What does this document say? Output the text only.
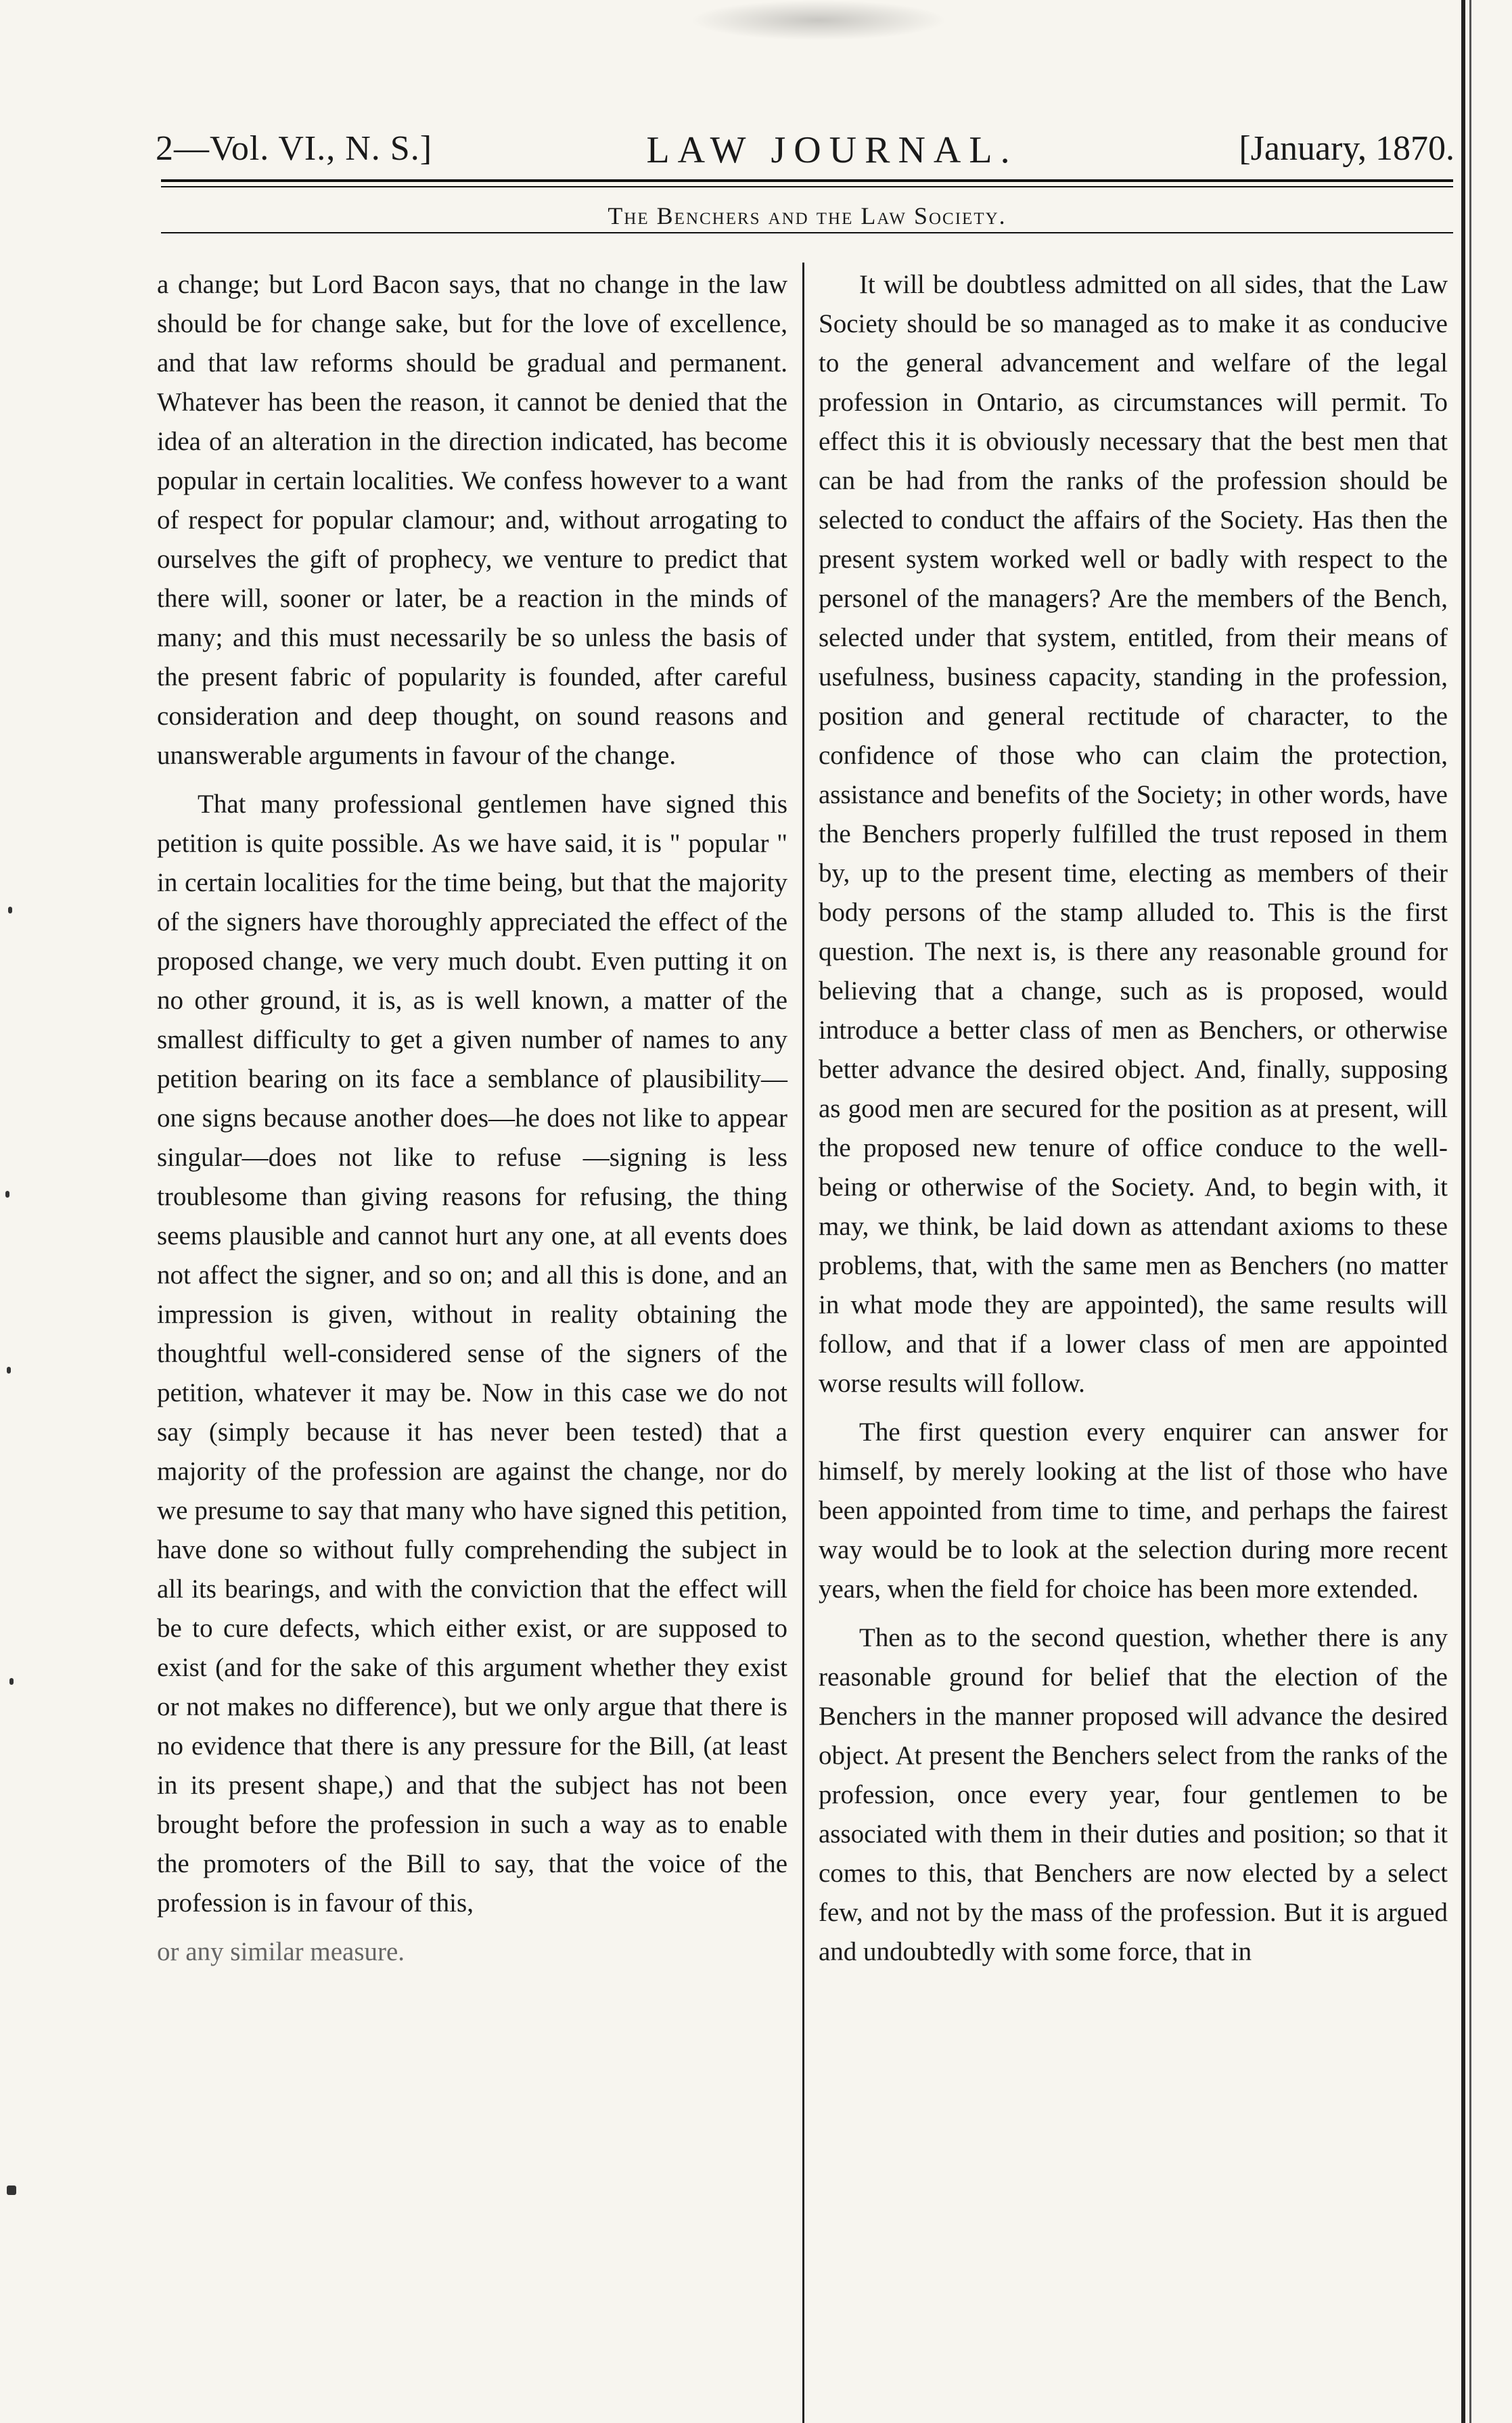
2—Vol. VI., N. S.]	LAW JOURNAL.	[January, 1870.
The Benchers and the Law Society.

a change; but Lord Bacon says, that no change in the law should be for change sake, but for the love of excellence, and that law reforms should be gradual and permanent. Whatever has been the reason, it cannot be denied that the idea of an alteration in the direction indicated, has become popular in certain localities. We confess however to a want of respect for popular clamour; and, without arrogating to ourselves the gift of prophecy, we venture to predict that there will, sooner or later, be a reaction in the minds of many; and this must necessarily be so unless the basis of the present fabric of popularity is founded, after careful consideration and deep thought, on sound reasons and unanswerable arguments in favour of the change.

That many professional gentlemen have signed this petition is quite possible. As we have said, it is " popular " in certain localities for the time being, but that the majority of the signers have thoroughly appreciated the effect of the proposed change, we very much doubt. Even putting it on no other ground, it is, as is well known, a matter of the smallest difficulty to get a given number of names to any petition bearing on its face a semblance of plausibility—one signs because another does—he does not like to appear singular—does not like to refuse —signing is less troublesome than giving reasons for refusing, the thing seems plausible and cannot hurt any one, at all events does not affect the signer, and so on; and all this is done, and an impression is given, without in reality obtaining the thoughtful well-considered sense of the signers of the petition, whatever it may be. Now in this case we do not say (simply because it has never been tested) that a majority of the profession are against the change, nor do we presume to say that many who have signed this petition, have done so without fully comprehending the subject in all its bearings, and with the conviction that the effect will be to cure defects, which either exist, or are supposed to exist (and for the sake of this argument whether they exist or not makes no difference), but we only argue that there is no evidence that there is any pressure for the Bill, (at least in its present shape,) and that the subject has not been brought before the profession in such a way as to enable the promoters of the Bill to say, that the voice of the profession is in favour of this,

or any similar measure.

It will be doubtless admitted on all sides, that the Law Society should be so managed as to make it as conducive to the general advancement and welfare of the legal profession in Ontario, as circumstances will permit. To effect this it is obviously necessary that the best men that can be had from the ranks of the profession should be selected to conduct the affairs of the Society. Has then the present system worked well or badly with respect to the personel of the managers? Are the members of the Bench, selected under that system, entitled, from their means of usefulness, business capacity, standing in the profession, position and general rectitude of character, to the confidence of those who can claim the protection, assistance and benefits of the Society; in other words, have the Benchers properly fulfilled the trust reposed in them by, up to the present time, electing as members of their body persons of the stamp alluded to. This is the first question. The next is, is there any reasonable ground for believing that a change, such as is proposed, would introduce a better class of men as Benchers, or otherwise better advance the desired object. And, finally, supposing as good men are secured for the position as at present, will the proposed new tenure of office conduce to the well-being or otherwise of the Society. And, to begin with, it may, we think, be laid down as attendant axioms to these problems, that, with the same men as Benchers (no matter in what mode they are appointed), the same results will follow, and that if a lower class of men are appointed worse results will follow.

The first question every enquirer can answer for himself, by merely looking at the list of those who have been appointed from time to time, and perhaps the fairest way would be to look at the selection during more recent years, when the field for choice has been more extended.

Then as to the second question, whether there is any reasonable ground for belief that the election of the Benchers in the manner proposed will advance the desired object. At present the Benchers select from the ranks of the profession, once every year, four gentlemen to be associated with them in their duties and position; so that it comes to this, that Benchers are now elected by a select few, and not by the mass of the profession. But it is argued and undoubtedly with some force, that in
